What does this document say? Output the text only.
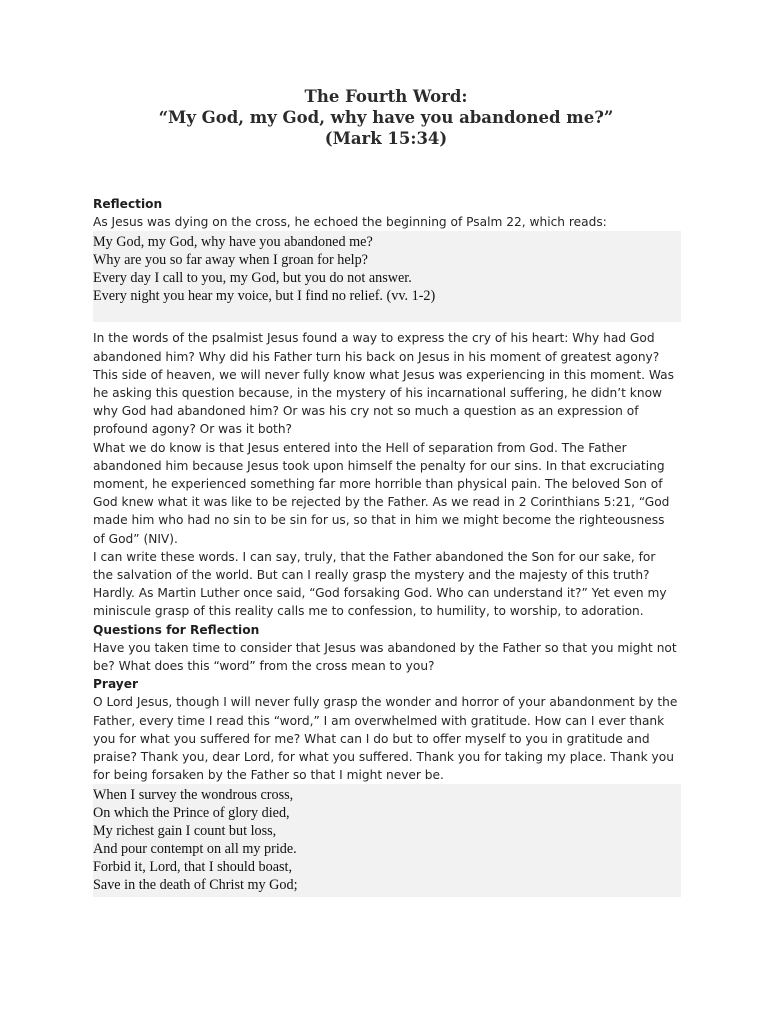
The Fourth Word:
“My God, my God, why have you abandoned me?”
(Mark 15:34)
Reflection

As Jesus was dying on the cross, he echoed the beginning of Psalm 22, which reads:

My God, my God, why have you abandoned me?
Why are you so far away when I groan for help?
Every day I call to you, my God, but you do not answer.
Every night you hear my voice, but I find no relief. (vv. 1-2)

In the words of the psalmist Jesus found a way to express the cry of his heart: Why had God abandoned him? Why did his Father turn his back on Jesus in his moment of greatest agony?

This side of heaven, we will never fully know what Jesus was experiencing in this moment. Was he asking this question because, in the mystery of his incarnational suffering, he didn’t know why God had abandoned him? Or was his cry not so much a question as an expression of profound agony? Or was it both?

What we do know is that Jesus entered into the Hell of separation from God. The Father abandoned him because Jesus took upon himself the penalty for our sins. In that excruciating moment, he experienced something far more horrible than physical pain. The beloved Son of God knew what it was like to be rejected by the Father. As we read in 2 Corinthians 5:21, “God made him who had no sin to be sin for us, so that in him we might become the righteousness of God” (NIV).

I can write these words. I can say, truly, that the Father abandoned the Son for our sake, for the salvation of the world. But can I really grasp the mystery and the majesty of this truth? Hardly. As Martin Luther once said, “God forsaking God. Who can understand it?” Yet even my miniscule grasp of this reality calls me to confession, to humility, to worship, to adoration.

Questions for Reflection

Have you taken time to consider that Jesus was abandoned by the Father so that you might not be? What does this “word” from the cross mean to you?

Prayer

O Lord Jesus, though I will never fully grasp the wonder and horror of your abandonment by the Father, every time I read this “word,” I am overwhelmed with gratitude. How can I ever thank you for what you suffered for me? What can I do but to offer myself to you in gratitude and praise? Thank you, dear Lord, for what you suffered. Thank you for taking my place. Thank you for being forsaken by the Father so that I might never be.

When I survey the wondrous cross,
On which the Prince of glory died,
My richest gain I count but loss,
And pour contempt on all my pride.
Forbid it, Lord, that I should boast,
Save in the death of Christ my God;
